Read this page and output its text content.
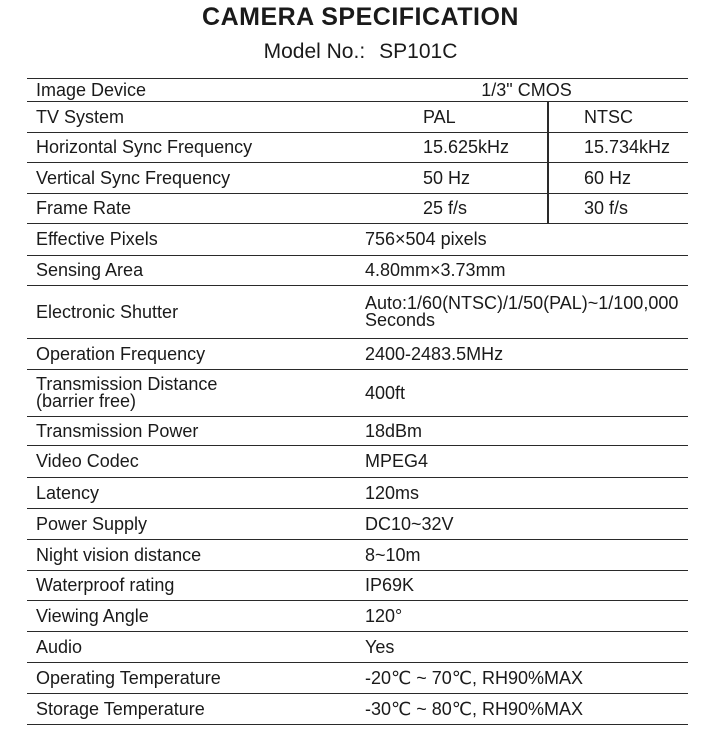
CAMERA SPECIFICATION
Model No.: SP101C
Image Device	1/3" CMOS
TV System	PAL	NTSC
Horizontal Sync Frequency	15.625kHz	15.734kHz
Vertical Sync Frequency	50 Hz	60 Hz
Frame Rate	25 f/s	30 f/s
Effective Pixels	756×504 pixels
Sensing Area	4.80mm×3.73mm
Electronic Shutter	Auto:1/60(NTSC)/1/50(PAL)~1/100,000 Seconds
Operation Frequency	2400-2483.5MHz
Transmission Distance (barrier free)	400ft
Transmission Power	18dBm
Video Codec	MPEG4
Latency	120ms
Power Supply	DC10~32V
Night vision distance	8~10m
Waterproof rating	IP69K
Viewing Angle	120°
Audio	Yes
Operating Temperature	-20℃ ~ 70℃, RH90%MAX
Storage Temperature	-30℃ ~ 80℃, RH90%MAX
